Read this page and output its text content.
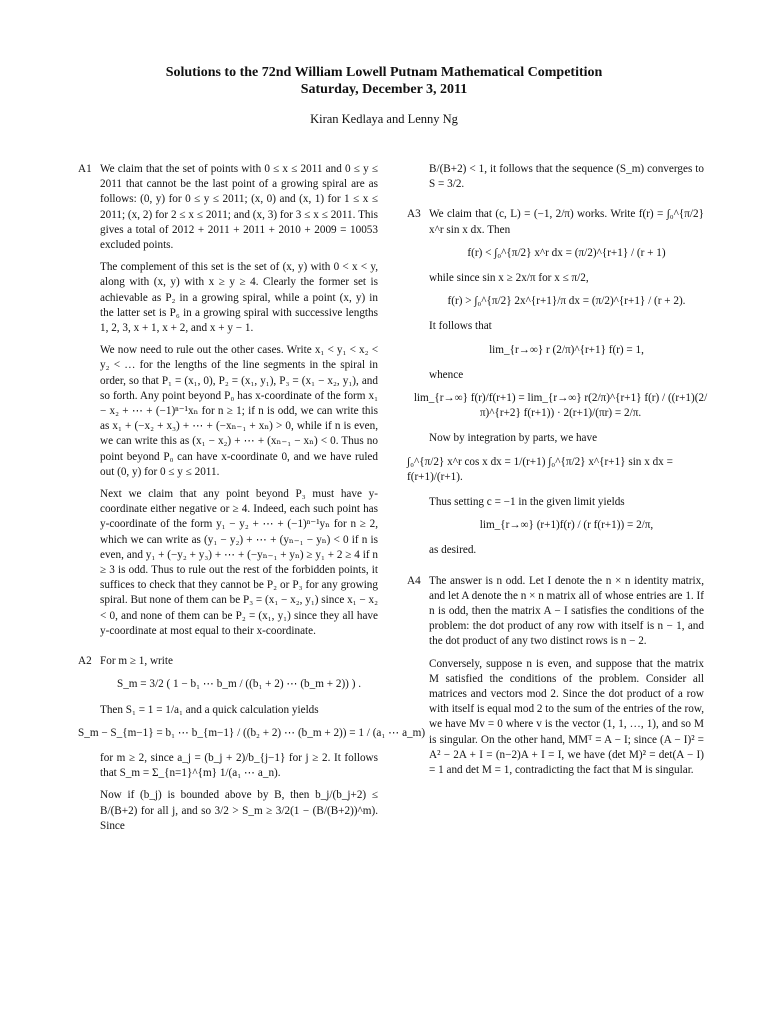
Solutions to the 72nd William Lowell Putnam Mathematical Competition
Saturday, December 3, 2011
Kiran Kedlaya and Lenny Ng
A1 We claim that the set of points with 0 ≤ x ≤ 2011 and 0 ≤ y ≤ 2011 that cannot be the last point of a growing spiral are as follows: (0, y) for 0 ≤ y ≤ 2011; (x, 0) and (x, 1) for 1 ≤ x ≤ 2011; (x, 2) for 2 ≤ x ≤ 2011; and (x, 3) for 3 ≤ x ≤ 2011. This gives a total of 2012 + 2011 + 2011 + 2010 + 2009 = 10053 excluded points.

The complement of this set is the set of (x, y) with 0 < x < y, along with (x, y) with x ≥ y ≥ 4. Clearly the former set is achievable as P₂ in a growing spiral, while a point (x, y) in the latter set is P₆ in a growing spiral with successive lengths 1, 2, 3, x + 1, x + 2, and x + y − 1.

We now need to rule out the other cases. Write x₁ < y₁ < x₂ < y₂ < … for the lengths of the line segments in the spiral in order, so that P₁ = (x₁, 0), P₂ = (x₁, y₁), P₃ = (x₁ − x₂, y₁), and so forth. Any point beyond P₀ has x-coordinate of the form x₁ − x₂ + ⋯ + (−1)ⁿ⁻¹xₙ for n ≥ 1; if n is odd, we can write this as x₁ + (−x₂ + x₃) + ⋯ + (−xₙ₋₁ + xₙ) > 0, while if n is even, we can write this as (x₁ − x₂) + ⋯ + (xₙ₋₁ − xₙ) < 0. Thus no point beyond P₀ can have x-coordinate 0, and we have ruled out (0, y) for 0 ≤ y ≤ 2011.

Next we claim that any point beyond P₃ must have y-coordinate either negative or ≥ 4. Indeed, each such point has y-coordinate of the form y₁ − y₂ + ⋯ + (−1)ⁿ⁻¹yₙ for n ≥ 2, which we can write as (y₁ − y₂) + ⋯ + (yₙ₋₁ − yₙ) < 0 if n is even, and y₁ + (−y₂ + y₃) + ⋯ + (−yₙ₋₁ + yₙ) ≥ y₁ + 2 ≥ 4 if n ≥ 3 is odd. Thus to rule out the rest of the forbidden points, it suffices to check that they cannot be P₂ or P₃ for any growing spiral. But none of them can be P₃ = (x₁ − x₂, y₁) since x₁ − x₂ < 0, and none of them can be P₂ = (x₁, y₁) since they all have y-coordinate at most equal to their x-coordinate.

A2 For m ≥ 1, write

S_m = 3/2 ( 1 − b₁ ⋯ b_m / ((b₁ + 2) ⋯ (b_m + 2)) ) .

Then S₁ = 1 = 1/a₁ and a quick calculation yields

S_m − S_{m−1} = b₁ ⋯ b_{m−1} / ((b₂ + 2) ⋯ (b_m + 2)) = 1 / (a₁ ⋯ a_m)

for m ≥ 2, since a_j = (b_j + 2)/b_{j−1} for j ≥ 2. It follows that S_m = Σ_{n=1}^{m} 1/(a₁ ⋯ a_n).

Now if (b_j) is bounded above by B, then b_j/(b_j+2) ≤ B/(B+2) for all j, and so 3/2 > S_m ≥ 3/2(1 − (B/(B+2))^m). Since

B/(B+2) < 1, it follows that the sequence (S_m) converges to S = 3/2.

A3 We claim that (c, L) = (−1, 2/π) works. Write f(r) = ∫₀^{π/2} x^r sin x dx. Then

f(r) < ∫₀^{π/2} x^r dx = (π/2)^{r+1} / (r + 1)

while since sin x ≥ 2x/π for x ≤ π/2,

f(r) > ∫₀^{π/2} 2x^{r+1}/π dx = (π/2)^{r+1} / (r + 2).

It follows that

lim_{r→∞} r (2/π)^{r+1} f(r) = 1,

whence

lim_{r→∞} f(r)/f(r+1) = lim_{r→∞} r(2/π)^{r+1} f(r) / ((r+1)(2/π)^{r+2} f(r+1)) · 2(r+1)/(πr) = 2/π.

Now by integration by parts, we have

∫₀^{π/2} x^r cos x dx = 1/(r+1) ∫₀^{π/2} x^{r+1} sin x dx = f(r+1)/(r+1).

Thus setting c = −1 in the given limit yields

lim_{r→∞} (r+1)f(r) / (r f(r+1)) = 2/π,

as desired.

A4 The answer is n odd. Let I denote the n × n identity matrix, and let A denote the n × n matrix all of whose entries are 1. If n is odd, then the matrix A − I satisfies the conditions of the problem: the dot product of any row with itself is n − 1, and the dot product of any two distinct rows is n − 2.

Conversely, suppose n is even, and suppose that the matrix M satisfied the conditions of the problem. Consider all matrices and vectors mod 2. Since the dot product of a row with itself is equal mod 2 to the sum of the entries of the row, we have Mv = 0 where v is the vector (1, 1, …, 1), and so M is singular. On the other hand, MMᵀ = A − I; since (A − I)² = A² − 2A + I = (n−2)A + I = I, we have (det M)² = det(A − I) = 1 and det M = 1, contradicting the fact that M is singular.
